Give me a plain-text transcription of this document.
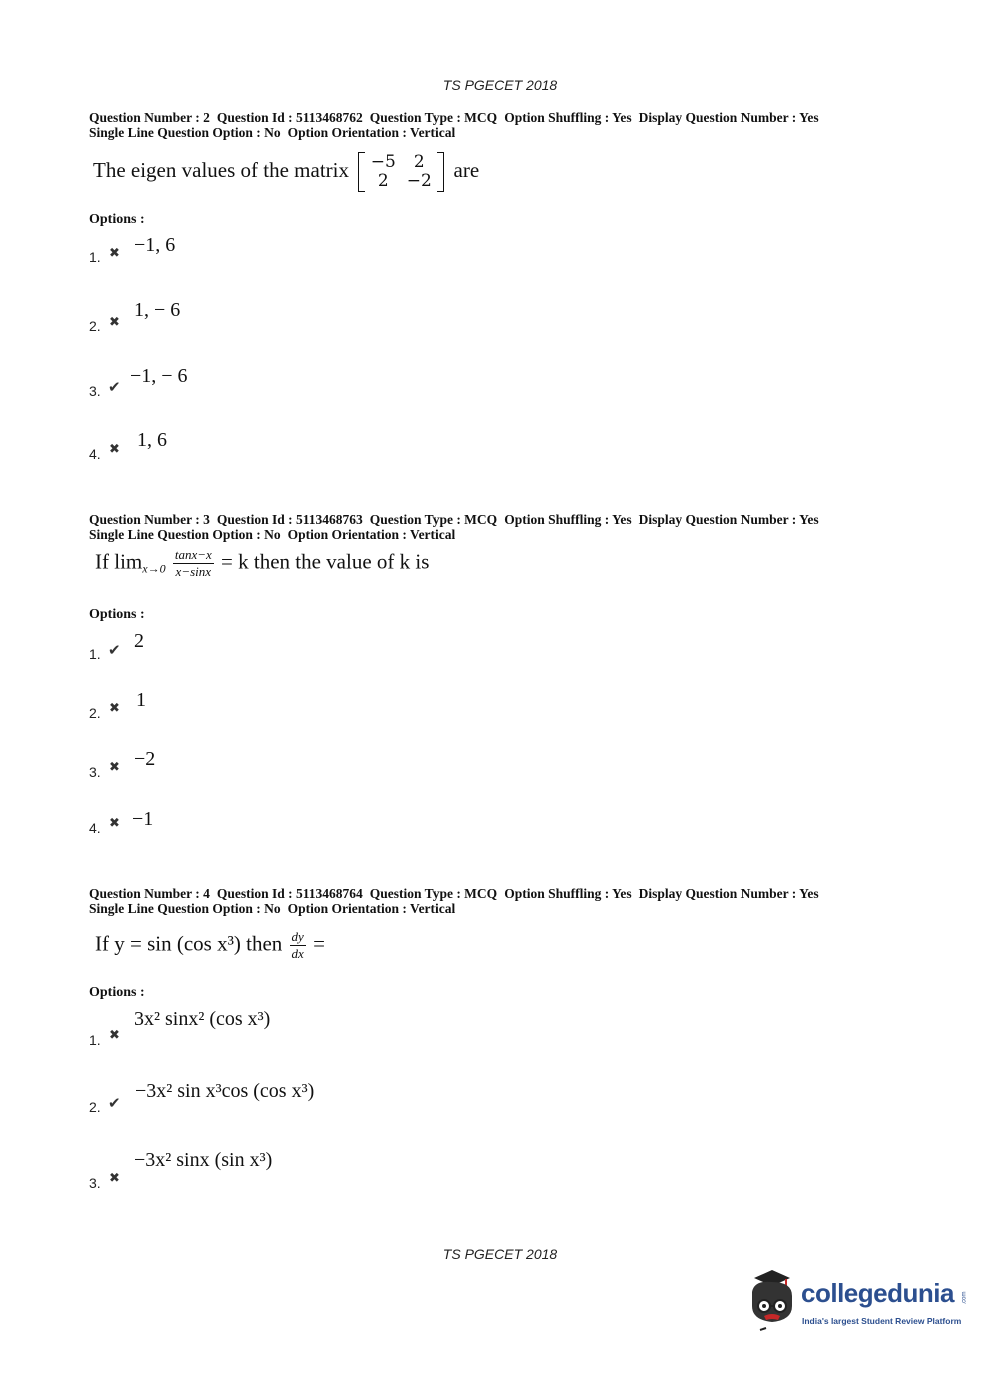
TS PGECET 2018
Question Number : 2 Question Id : 5113468762 Question Type : MCQ Option Shuffling : Yes Display Question Number : Yes
Single Line Question Option : No Option Orientation : Vertical
The eigen values of the matrix	−5	2
2	−2 are
Options :
1. ✖ −1, 6
2. ✖
1, − 6
3. ✔ −1, − 6
4. ✖ 1, 6
Question Number : 3 Question Id : 5113468763 Question Type : MCQ Option Shuffling : Yes Display Question Number : Yes
Single Line Question Option : No Option Orientation : Vertical
If $\lim_{x\to 0} \frac{\tan x-x}{x-\sin x} = k$ then the value of k is
Options :
1. ✔ 2
2. ✖ 1
3. ✖ −2
4. ✖ −1
Question Number : 4 Question Id : 5113468764 Question Type : MCQ Option Shuffling : Yes Display Question Number : Yes
Single Line Question Option : No Option Orientation : Vertical
If y = sin (cos x³) then $\frac{dy}{dx}$ =
Options :
1. ✖
3x² sinx² (cos x³)
2. ✔
−3x² sin x³cos (cos x³)
3. ✖
−3x² sinx (sin x³)
TS PGECET 2018
collegedunia .com
India's largest Student Review Platform
